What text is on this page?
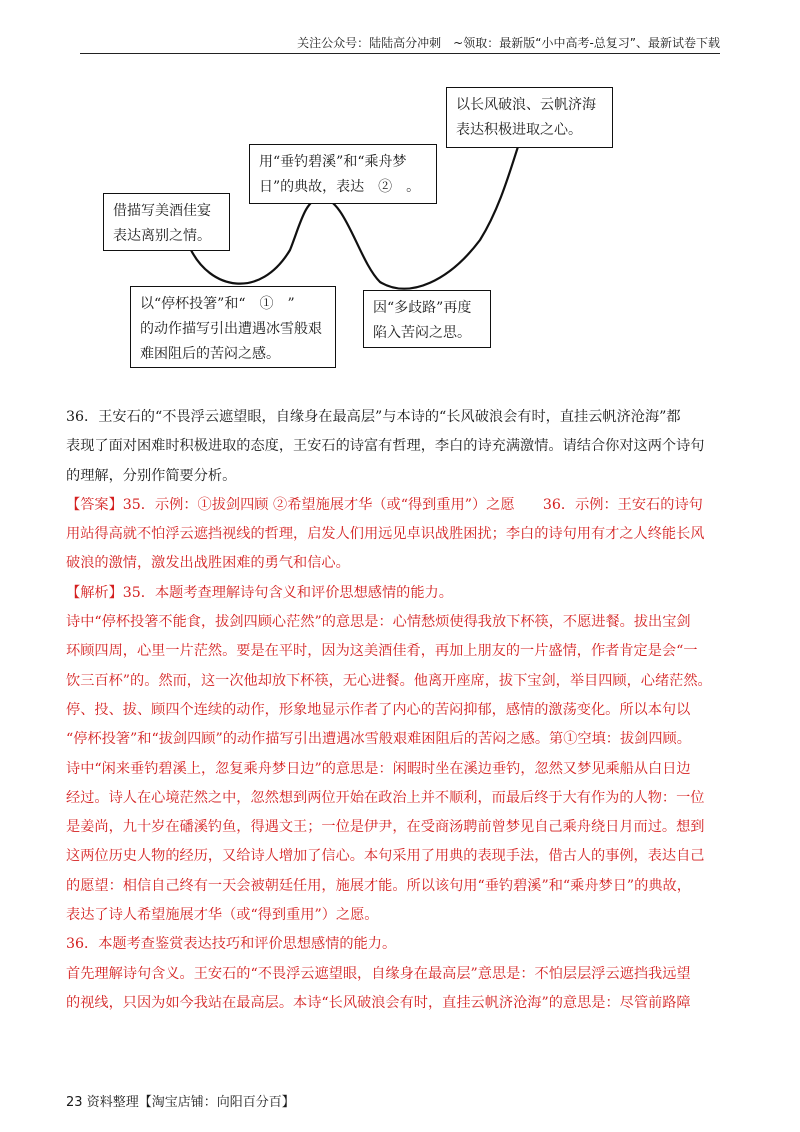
关注公众号：陆陆高分冲刺　~领取：最新版“小中高考-总复习”、最新试卷下载
以长风破浪、云帆济海
表达积极进取之心。
用“垂钓碧溪”和“乘舟梦
日”的典故，表达　②　。
借描写美酒佳宴
表达离别之情。
以“停杯投箸”和“　①　”
的动作描写引出遭遇冰雪般艰
难困阻后的苦闷之感。
因“多歧路”再度
陷入苦闷之思。

36．王安石的“不畏浮云遮望眼，自缘身在最高层”与本诗的“长风破浪会有时，直挂云帆济沧海”都

表现了面对困难时积极进取的态度，王安石的诗富有哲理，李白的诗充满激情。请结合你对这两个诗句

的理解，分别作简要分析。

【答案】35．示例：①拔剑四顾 ②希望施展才华（或“得到重用”）之愿　　36．示例：王安石的诗句

用站得高就不怕浮云遮挡视线的哲理，启发人们用远见卓识战胜困扰；李白的诗句用有才之人终能长风

破浪的激情，激发出战胜困难的勇气和信心。

【解析】35．本题考查理解诗句含义和评价思想感情的能力。

诗中“停杯投箸不能食，拔剑四顾心茫然”的意思是：心情愁烦使得我放下杯筷，不愿进餐。拔出宝剑

环顾四周，心里一片茫然。要是在平时，因为这美酒佳肴，再加上朋友的一片盛情，作者肯定是会“一

饮三百杯”的。然而，这一次他却放下杯筷，无心进餐。他离开座席，拔下宝剑，举目四顾，心绪茫然。

停、投、拔、顾四个连续的动作，形象地显示作者了内心的苦闷抑郁，感情的激荡变化。所以本句以

“停杯投箸”和“拔剑四顾”的动作描写引出遭遇冰雪般艰难困阻后的苦闷之感。第①空填：拔剑四顾。

诗中“闲来垂钓碧溪上，忽复乘舟梦日边”的意思是：闲暇时坐在溪边垂钓，忽然又梦见乘船从白日边

经过。诗人在心境茫然之中，忽然想到两位开始在政治上并不顺利，而最后终于大有作为的人物：一位

是姜尚，九十岁在磻溪钓鱼，得遇文王；一位是伊尹，在受商汤聘前曾梦见自己乘舟绕日月而过。想到

这两位历史人物的经历，又给诗人增加了信心。本句采用了用典的表现手法，借古人的事例，表达自己

的愿望：相信自己终有一天会被朝廷任用，施展才能。所以该句用“垂钓碧溪”和“乘舟梦日”的典故，

表达了诗人希望施展才华（或“得到重用”）之愿。

36．本题考查鉴赏表达技巧和评价思想感情的能力。

首先理解诗句含义。王安石的“不畏浮云遮望眼，自缘身在最高层”意思是：不怕层层浮云遮挡我远望

的视线，只因为如今我站在最高层。本诗“长风破浪会有时，直挂云帆济沧海”的意思是：尽管前路障

23 资料整理【淘宝店铺：向阳百分百】
